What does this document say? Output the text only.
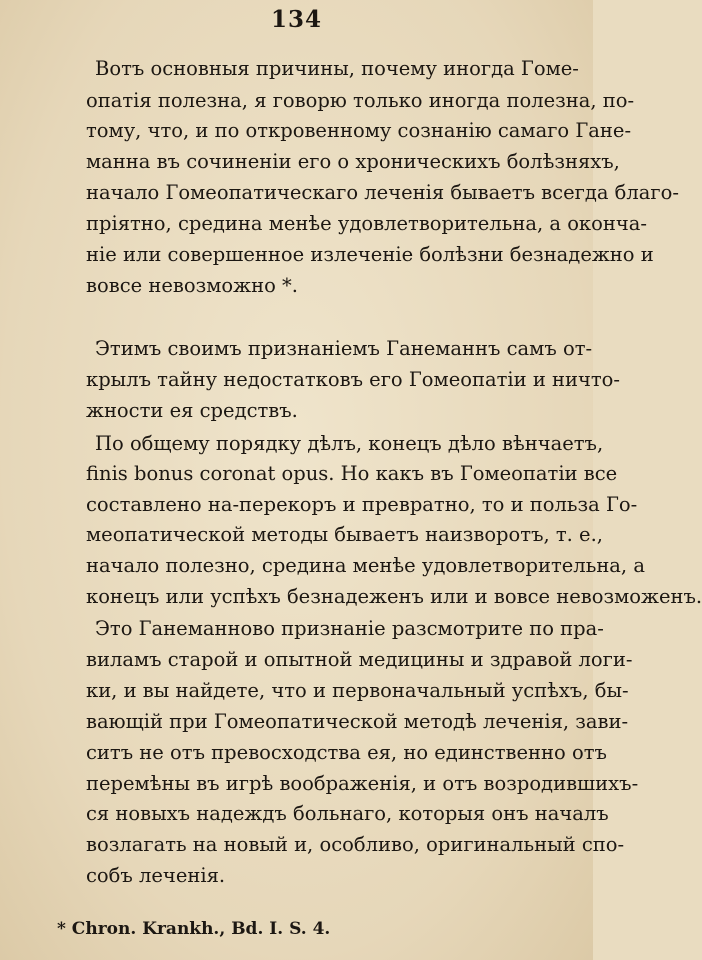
134
Вотъ основныя причины, почему иногда Гоме-
опатія полезна, я говорю только иногда полезна, по-
тому, что, и по откровенному сознанію самаго Гане-
манна въ сочиненіи его о хроническихъ болѣзняхъ,
начало Гомеопатическаго леченія бываетъ всегда благо-
пріятно, средина менѣе удовлетворительна, а оконча-
ніе или совершенное излеченіе болѣзни безнадежно и
вовсе невозможно *.
Этимъ своимъ признаніемъ Ганеманнъ самъ от-
крылъ тайну недостатковъ его Гомеопатіи и ничто-
жности ея средствъ.
По общему порядку дѣлъ, конецъ дѣло вѣнчаетъ,
finis bonus coronat opus. Но какъ въ Гомеопатіи все
составлено на-перекоръ и превратно, то и польза Го-
меопатической методы бываетъ наизворотъ, т. е.,
начало полезно, средина менѣе удовлетворительна, а
конецъ или успѣхъ безнадеженъ или и вовсе невозможенъ.
Это Ганеманново признаніе разсмотрите по пра-
виламъ старой и опытной медицины и здравой логи-
ки, и вы найдете, что и первоначальный успѣхъ, бы-
вающій при Гомеопатической методѣ леченія, зави-
ситъ не отъ превосходства ея, но единственно отъ
перемѣны въ игрѣ воображенія, и отъ возродившихъ-
ся новыхъ надеждъ больнаго, которыя онъ началъ
возлагать на новый и, особливо, оригинальный спо-
собъ леченія.
* Chron. Krankh., Bd. I. S. 4.
